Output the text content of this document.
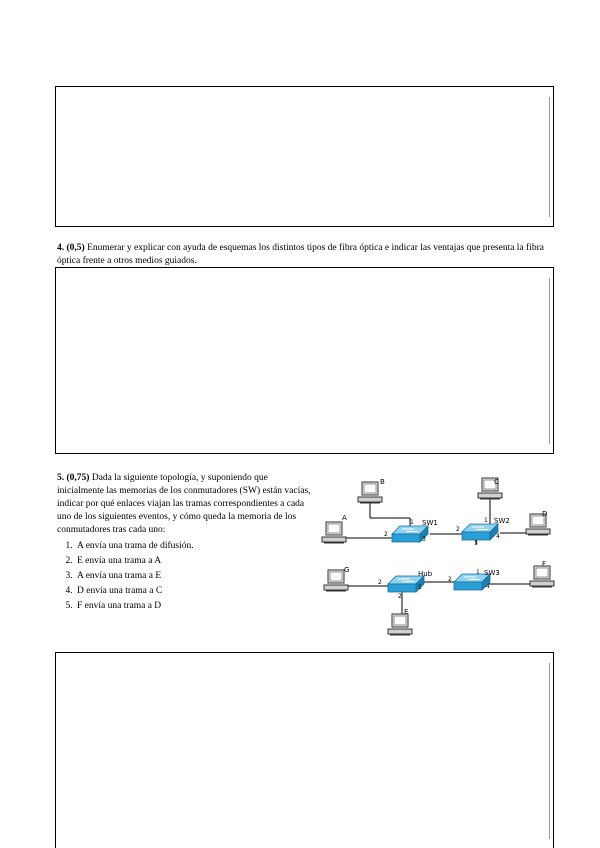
4. (0,5) Enumerar y explicar con ayuda de esquemas los distintos tipos de fibra óptica e indicar las ventajas que presenta la fibra óptica frente a otros medios guiados.
5. (0,75) Dada la siguiente topología, y suponiendo que inicialmente las memorias de los conmutadores (SW) están vacías, indicar por qué enlaces viajan las tramas correspondientes a cada uno de los siguientes eventos, y cómo queda la memoria de los conmutadores tras cada uno:
1. A envía una trama de difusión.
2. E envía una trama a A
3. A envía una trama a E
4. D envía una trama a C
5. F envía una trama a D
B	C
A	D
G
E
F
SW1
1
2
3
SW2
1
2
3
4
Hub
2
1
2
SW3
2
1
4
